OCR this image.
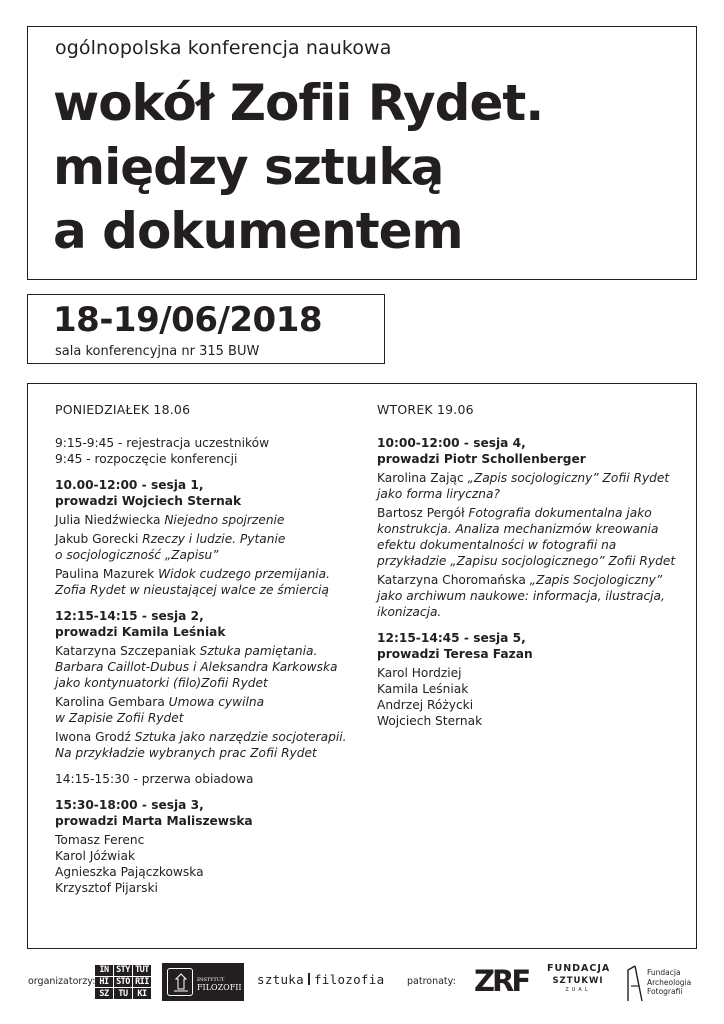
ogólnopolska konferencja naukowa
wokół Zofii Rydet.
między sztuką
a dokumentem
18-19/06/2018
sala konferencyjna nr 315 BUW
PONIEDZIAŁEK 18.06
9:15-9:45 - rejestracja uczestników
9:45 - rozpoczęcie konferencji
10.00-12:00 - sesja 1,
prowadzi Wojciech Sternak
Julia Niedźwiecka Niejedno spojrzenie
Jakub Gorecki Rzeczy i ludzie. Pytanie
o socjologiczność „Zapisu”
Paulina Mazurek Widok cudzego przemijania.
Zofia Rydet w nieustającej walce ze śmiercią
12:15-14:15 - sesja 2,
prowadzi Kamila Leśniak
Katarzyna Szczepaniak Sztuka pamiętania.
Barbara Caillot-Dubus i Aleksandra Karkowska
jako kontynuatorki (filo)Zofii Rydet
Karolina Gembara Umowa cywilna
w Zapisie Zofii Rydet
Iwona Grodź Sztuka jako narzędzie socjoterapii.
Na przykładzie wybranych prac Zofii Rydet
14:15-15:30 - przerwa obiadowa
15:30-18:00 - sesja 3,
prowadzi Marta Maliszewska
Tomasz Ferenc
Karol Jóźwiak
Agnieszka Pajączkowska
Krzysztof Pijarski
WTOREK 19.06
10:00-12:00 - sesja 4,
prowadzi Piotr Schollenberger
Karolina Zając „Zapis socjologiczny” Zofii Rydet
jako forma liryczna?
Bartosz Pergół Fotografia dokumentalna jako
konstrukcja. Analiza mechanizmów kreowania
efektu dokumentalności w fotografii na
przykładzie „Zapisu socjologicznego” Zofii Rydet
Katarzyna Choromańska „Zapis Socjologiczny”
jako archiwum naukowe: informacja, ilustracja,
ikonizacja.
12:15-14:45 - sesja 5,
prowadzi Teresa Fazan
Karol Hordziej
Kamila Leśniak
Andrzej Różycki
Wojciech Sternak
organizatorzy:
IN STY TUT
HI STO RII
SZ	TU	KI
INSTYTUT
FILOZOFII
sztuka filozofia patronaty: ZRF FUNDACJA
SZTUKWI
ZUAL
Fundacja
Archeologia
Fotografii
